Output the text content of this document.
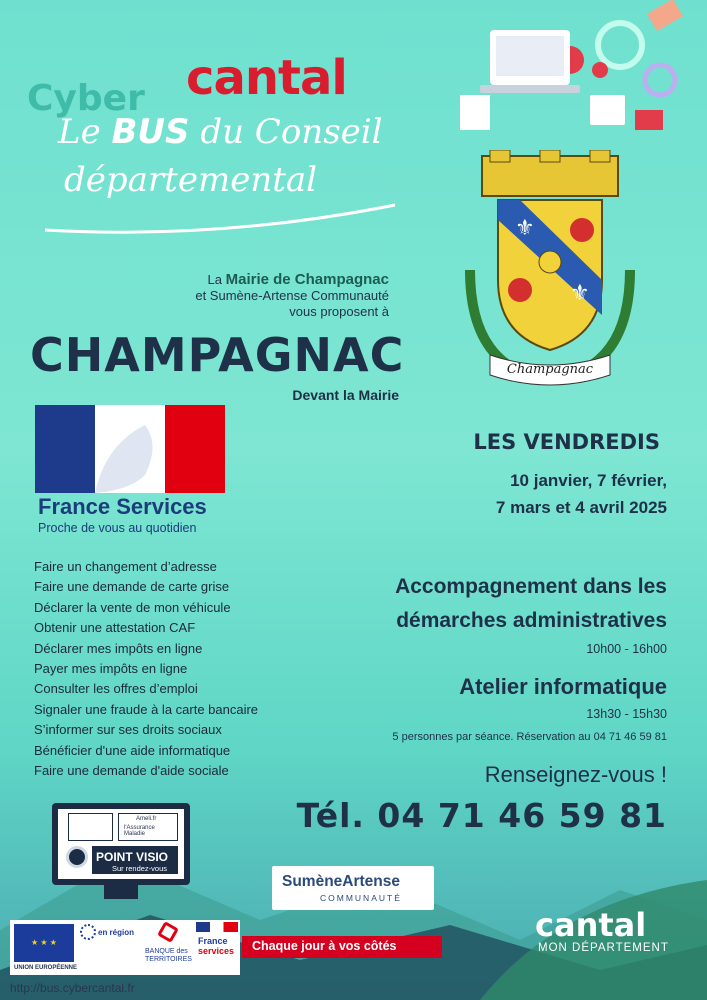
Cyber cantal
Le BUS du Conseil
départemental
La Mairie de Champagnac
et Sumène-Artense Communauté
vous proposent à
CHAMPAGNAC
Devant la Mairie
⚜
⚜
Champagnac
France Services
Proche de vous au quotidien
Faire un changement d’adresse
Faire une demande de carte grise
Déclarer la vente de mon véhicule
Obtenir une attestation CAF
Déclarer mes impôts en ligne
Payer mes impôts en ligne
Consulter les offres d’emploi
Signaler une fraude à la carte bancaire
S’informer sur ses droits sociaux
Bénéficier d'une aide informatique
Faire une demande d'aide sociale
LES VENDREDIS
10 janvier, 7 février,
7 mars et 4 avril 2025
Accompagnement dans les
démarches administratives
10h00 - 16h00
Atelier informatique
13h30 - 15h30
5 personnes par séance. Réservation au 04 71 46 59 81
Renseignez-vous !
Tél. 04 71 46 59 81
Ameli.fr
l'Assurance Maladie
POINT VISIO
Sur rendez-vous
SumèneArtense
COMMUNAUTÉ
★ ★ ★
UNION EUROPÉENNE
en région
BANQUE des TERRITOIRES
France
services Chaque jour à vos côtés
http://bus.cybercantal.fr
cantal
MON DÉPARTEMENT
